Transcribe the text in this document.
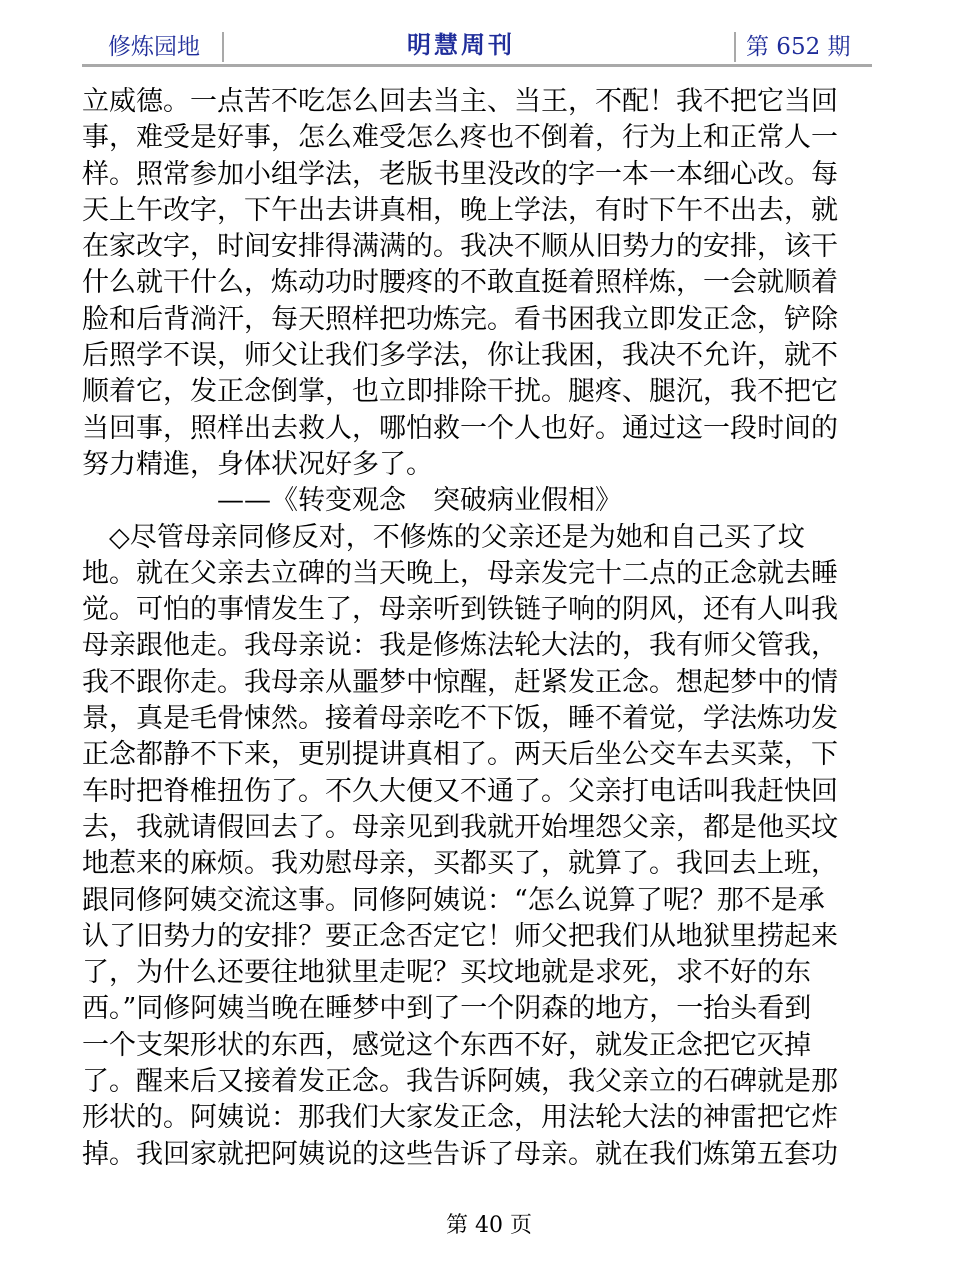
修炼园地	明慧周刊	第 652 期
立威德。一点苦不吃怎么回去当主、当王，不配！我不把它当回
事，难受是好事，怎么难受怎么疼也不倒着，行为上和正常人一
样。照常参加小组学法，老版书里没改的字一本一本细心改。每
天上午改字，下午出去讲真相，晚上学法，有时下午不出去，就
在家改字，时间安排得满满的。我决不顺从旧势力的安排，该干
什么就干什么，炼动功时腰疼的不敢直挺着照样炼，一会就顺着
脸和后背淌汗，每天照样把功炼完。看书困我立即发正念，铲除
后照学不误，师父让我们多学法，你让我困，我决不允许，就不
顺着它，发正念倒掌，也立即排除干扰。腿疼、腿沉，我不把它
当回事，照样出去救人，哪怕救一个人也好。通过这一段时间的
努力精進，身体状况好多了。
　　　　　——《转变观念　突破病业假相》
　◇尽管母亲同修反对，不修炼的父亲还是为她和自己买了坟
地。就在父亲去立碑的当天晚上，母亲发完十二点的正念就去睡
觉。可怕的事情发生了，母亲听到铁链子响的阴风，还有人叫我
母亲跟他走。我母亲说：我是修炼法轮大法的，我有师父管我，
我不跟你走。我母亲从噩梦中惊醒，赶紧发正念。想起梦中的情
景，真是毛骨悚然。接着母亲吃不下饭，睡不着觉，学法炼功发
正念都静不下来，更别提讲真相了。两天后坐公交车去买菜，下
车时把脊椎扭伤了。不久大便又不通了。父亲打电话叫我赶快回
去，我就请假回去了。母亲见到我就开始埋怨父亲，都是他买坟
地惹来的麻烦。我劝慰母亲，买都买了，就算了。我回去上班，
跟同修阿姨交流这事。同修阿姨说：“怎么说算了呢？那不是承
认了旧势力的安排？要正念否定它！师父把我们从地狱里捞起来
了，为什么还要往地狱里走呢？买坟地就是求死，求不好的东
西。”同修阿姨当晚在睡梦中到了一个阴森的地方，一抬头看到
一个支架形状的东西，感觉这个东西不好，就发正念把它灭掉
了。醒来后又接着发正念。我告诉阿姨，我父亲立的石碑就是那
形状的。阿姨说：那我们大家发正念，用法轮大法的神雷把它炸
掉。我回家就把阿姨说的这些告诉了母亲。就在我们炼第五套功
第 40 页
